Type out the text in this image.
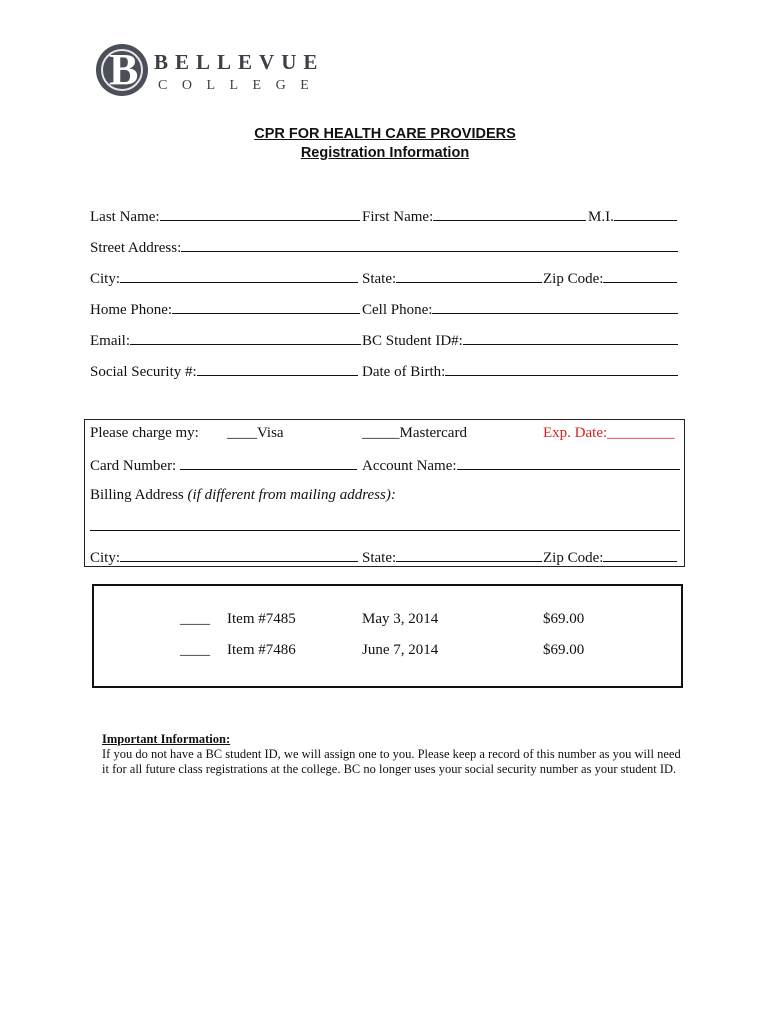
B BELLEVUE
COLLEGE
CPR FOR HEALTH CARE PROVIDERS
Registration Information
Last Name:	First Name:	M.I.
Street Address:
City:	State:	Zip Code:
Home Phone:	Cell Phone:
Email:	BC Student ID#:
Social Security #:	Date of Birth:
Please charge my: ____Visa	_____Mastercard	Exp. Date:_________
Card Number:	Account Name:
Billing Address (if different from mailing address):
City:	State:	Zip Code:
____ Item #7485	May 3, 2014	$69.00
____ Item #7486	June 7, 2014	$69.00
Important Information:
If you do not have a BC student ID, we will assign one to you. Please keep a record of this number as you will need it for all future class registrations at the college. BC no longer uses your social security number as your student ID.
